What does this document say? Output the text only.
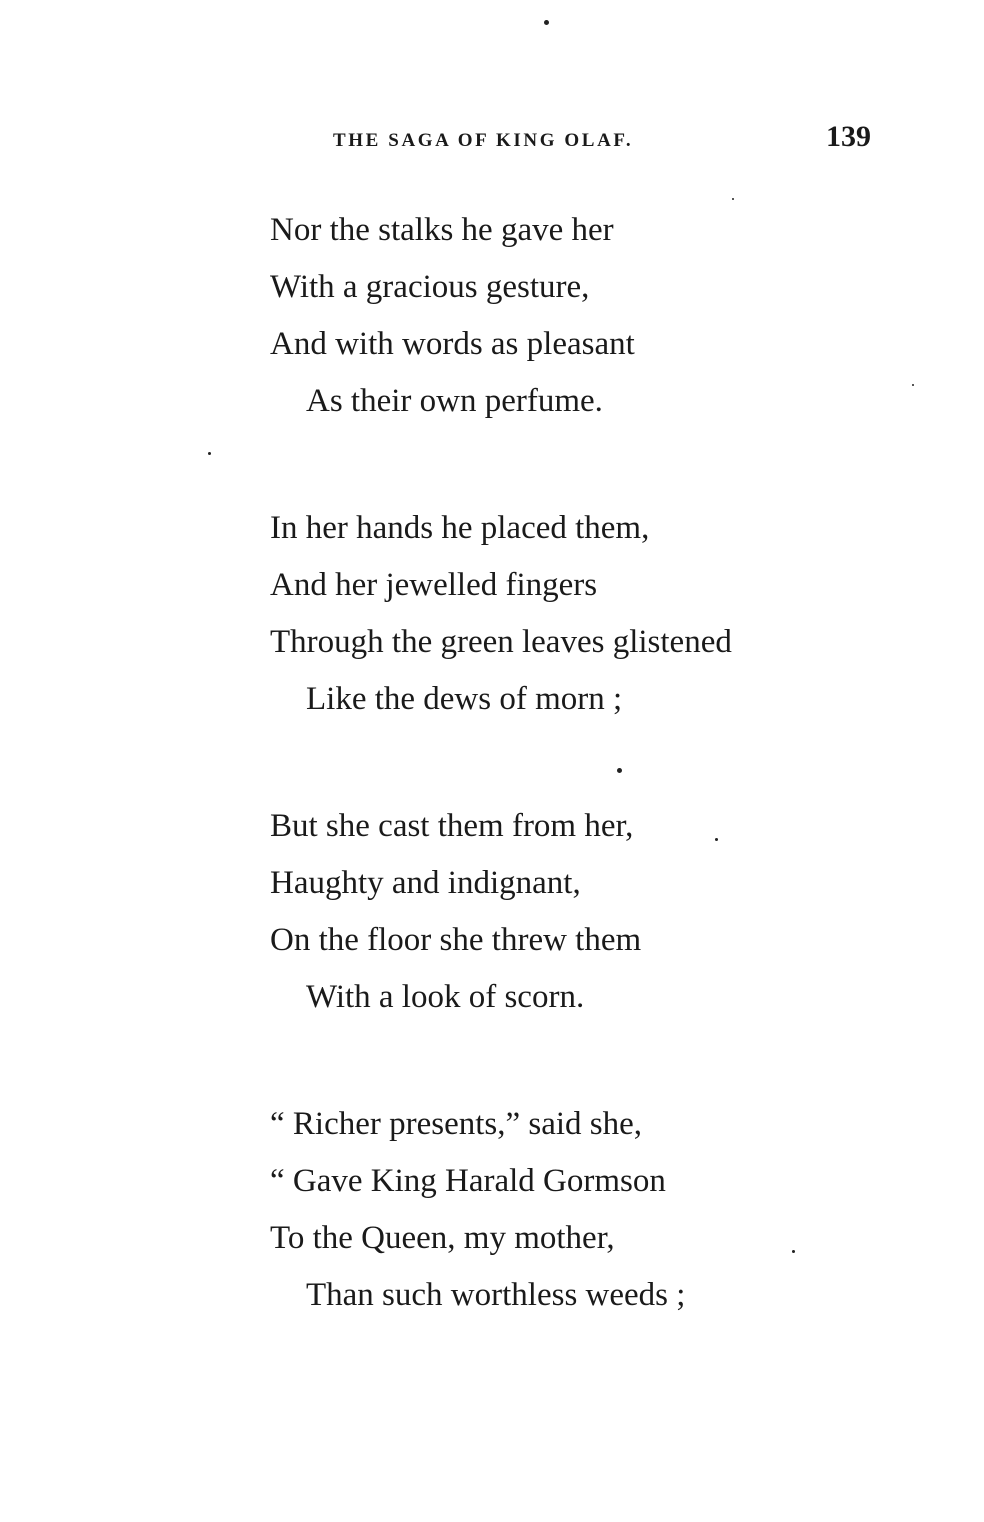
THE SAGA OF KING OLAF.	139
Nor the stalks he gave her
With a gracious gesture,
And with words as pleasant
As their own perfume.
In her hands he placed them,
And her jewelled fingers
Through the green leaves glistened
Like the dews of morn ;
But she cast them from her,
Haughty and indignant,
On the floor she threw them
With a look of scorn.
“ Richer presents,” said she,
“ Gave King Harald Gormson
To the Queen, my mother,
Than such worthless weeds ;
